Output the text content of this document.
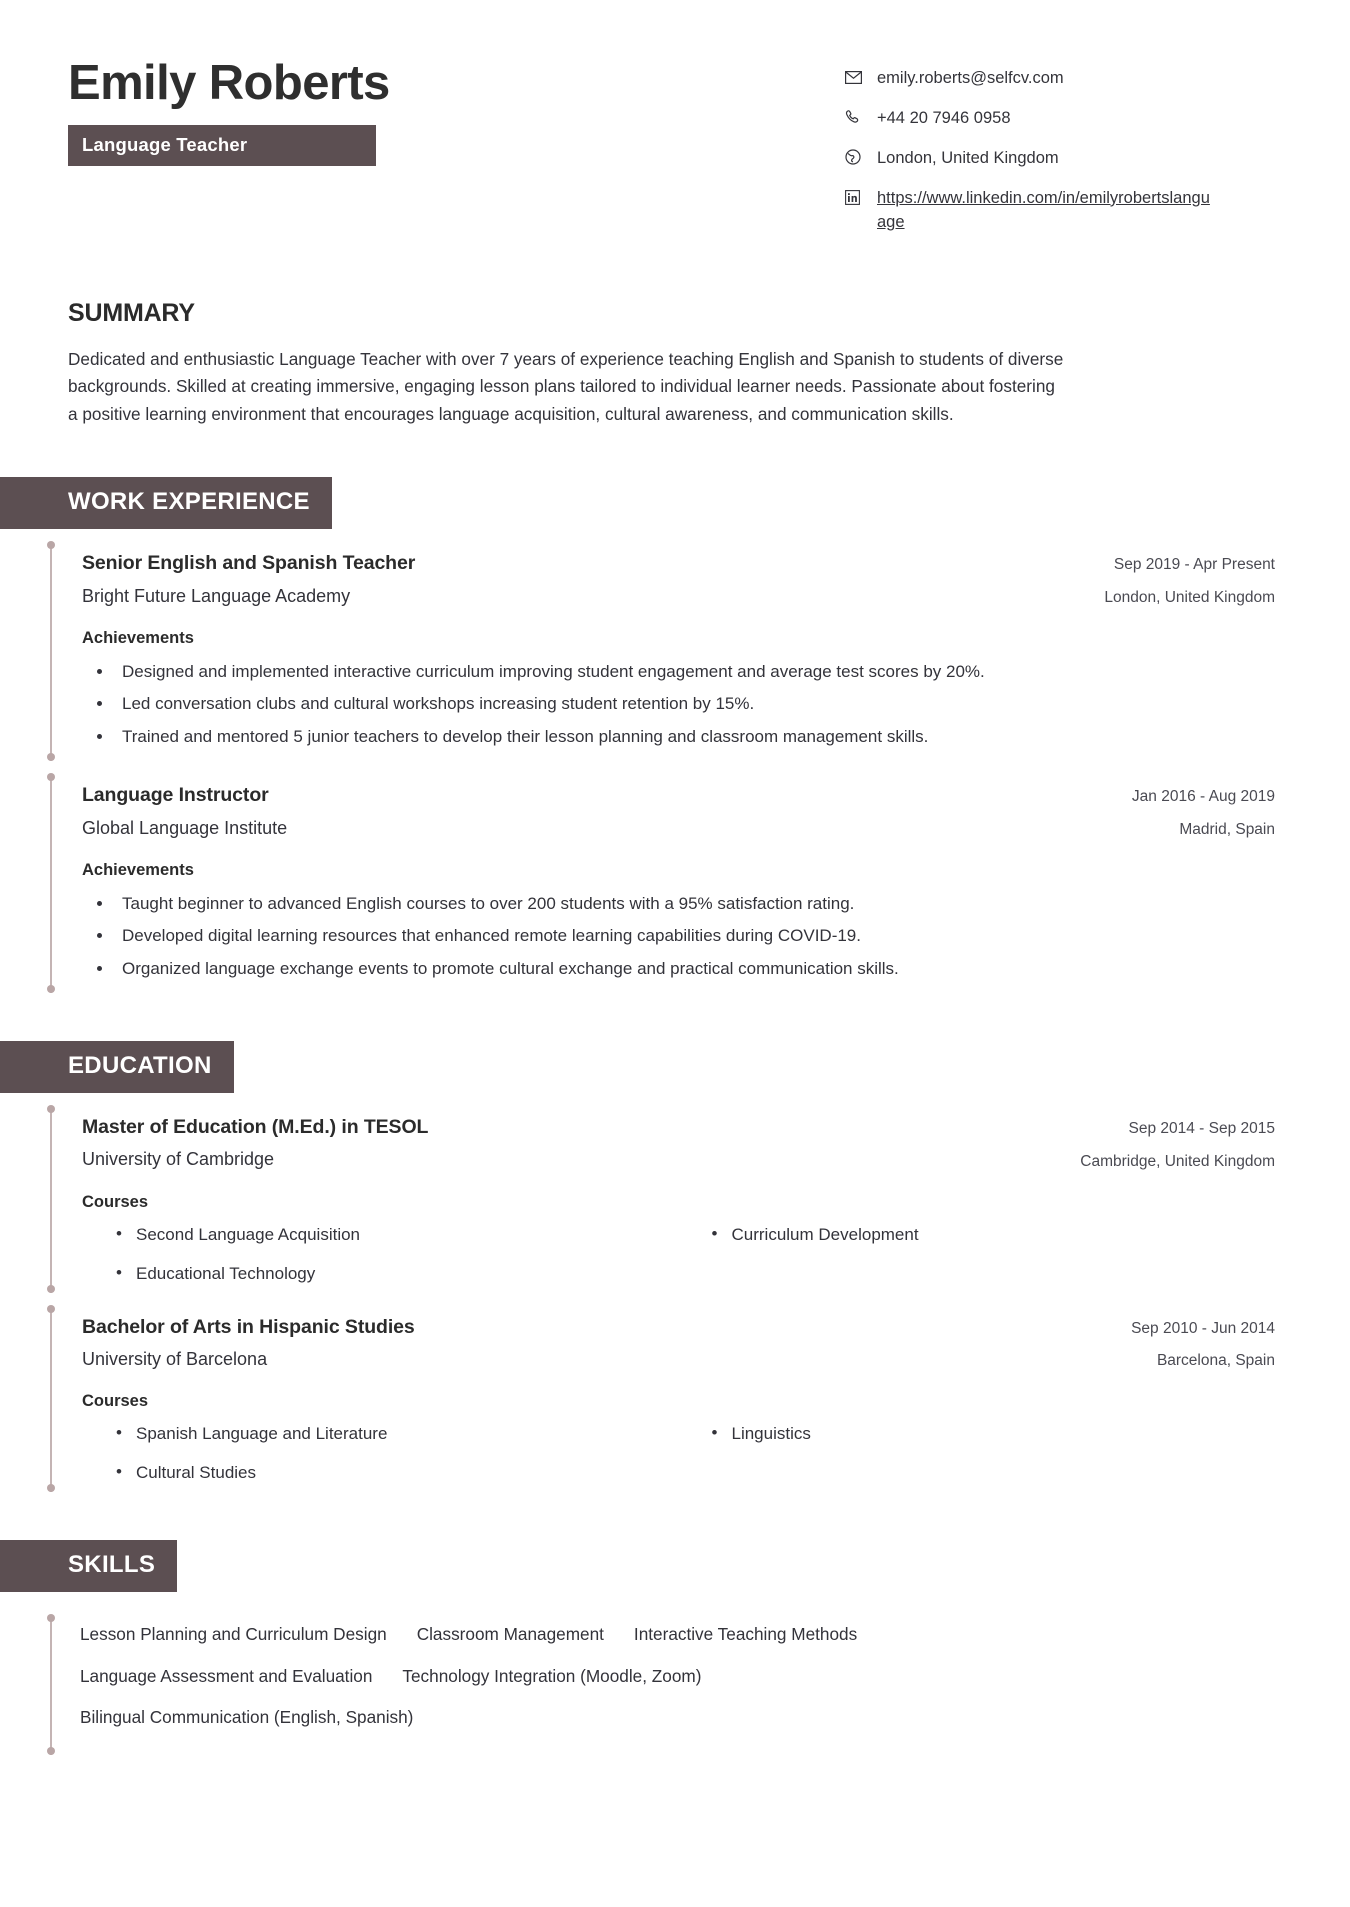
Emily Roberts
Language Teacher
emily.roberts@selfcv.com
+44 20 7946 0958
London, United Kingdom
https://www.linkedin.com/in/emilyrobertslanguage
SUMMARY
Dedicated and enthusiastic Language Teacher with over 7 years of experience teaching English and Spanish to students of diverse backgrounds. Skilled at creating immersive, engaging lesson plans tailored to individual learner needs. Passionate about fostering a positive learning environment that encourages language acquisition, cultural awareness, and communication skills.
WORK EXPERIENCE
Senior English and Spanish Teacher
Bright Future Language Academy
Sep 2019 - Apr Present
London, United Kingdom
Achievements
• Designed and implemented interactive curriculum improving student engagement and average test scores by 20%.
• Led conversation clubs and cultural workshops increasing student retention by 15%.
• Trained and mentored 5 junior teachers to develop their lesson planning and classroom management skills.
Language Instructor
Global Language Institute
Jan 2016 - Aug 2019
Madrid, Spain
Achievements
• Taught beginner to advanced English courses to over 200 students with a 95% satisfaction rating.
• Developed digital learning resources that enhanced remote learning capabilities during COVID-19.
• Organized language exchange events to promote cultural exchange and practical communication skills.
EDUCATION
Master of Education (M.Ed.) in TESOL
University of Cambridge
Sep 2014 - Sep 2015
Cambridge, United Kingdom
Courses
• Second Language Acquisition	• Curriculum Development
• Educational Technology
Bachelor of Arts in Hispanic Studies
University of Barcelona
Sep 2010 - Jun 2014
Barcelona, Spain
Courses
• Spanish Language and Literature	• Linguistics
• Cultural Studies
SKILLS
Lesson Planning and Curriculum Design Classroom Management Interactive Teaching Methods
Language Assessment and Evaluation Technology Integration (Moodle, Zoom)
Bilingual Communication (English, Spanish)
